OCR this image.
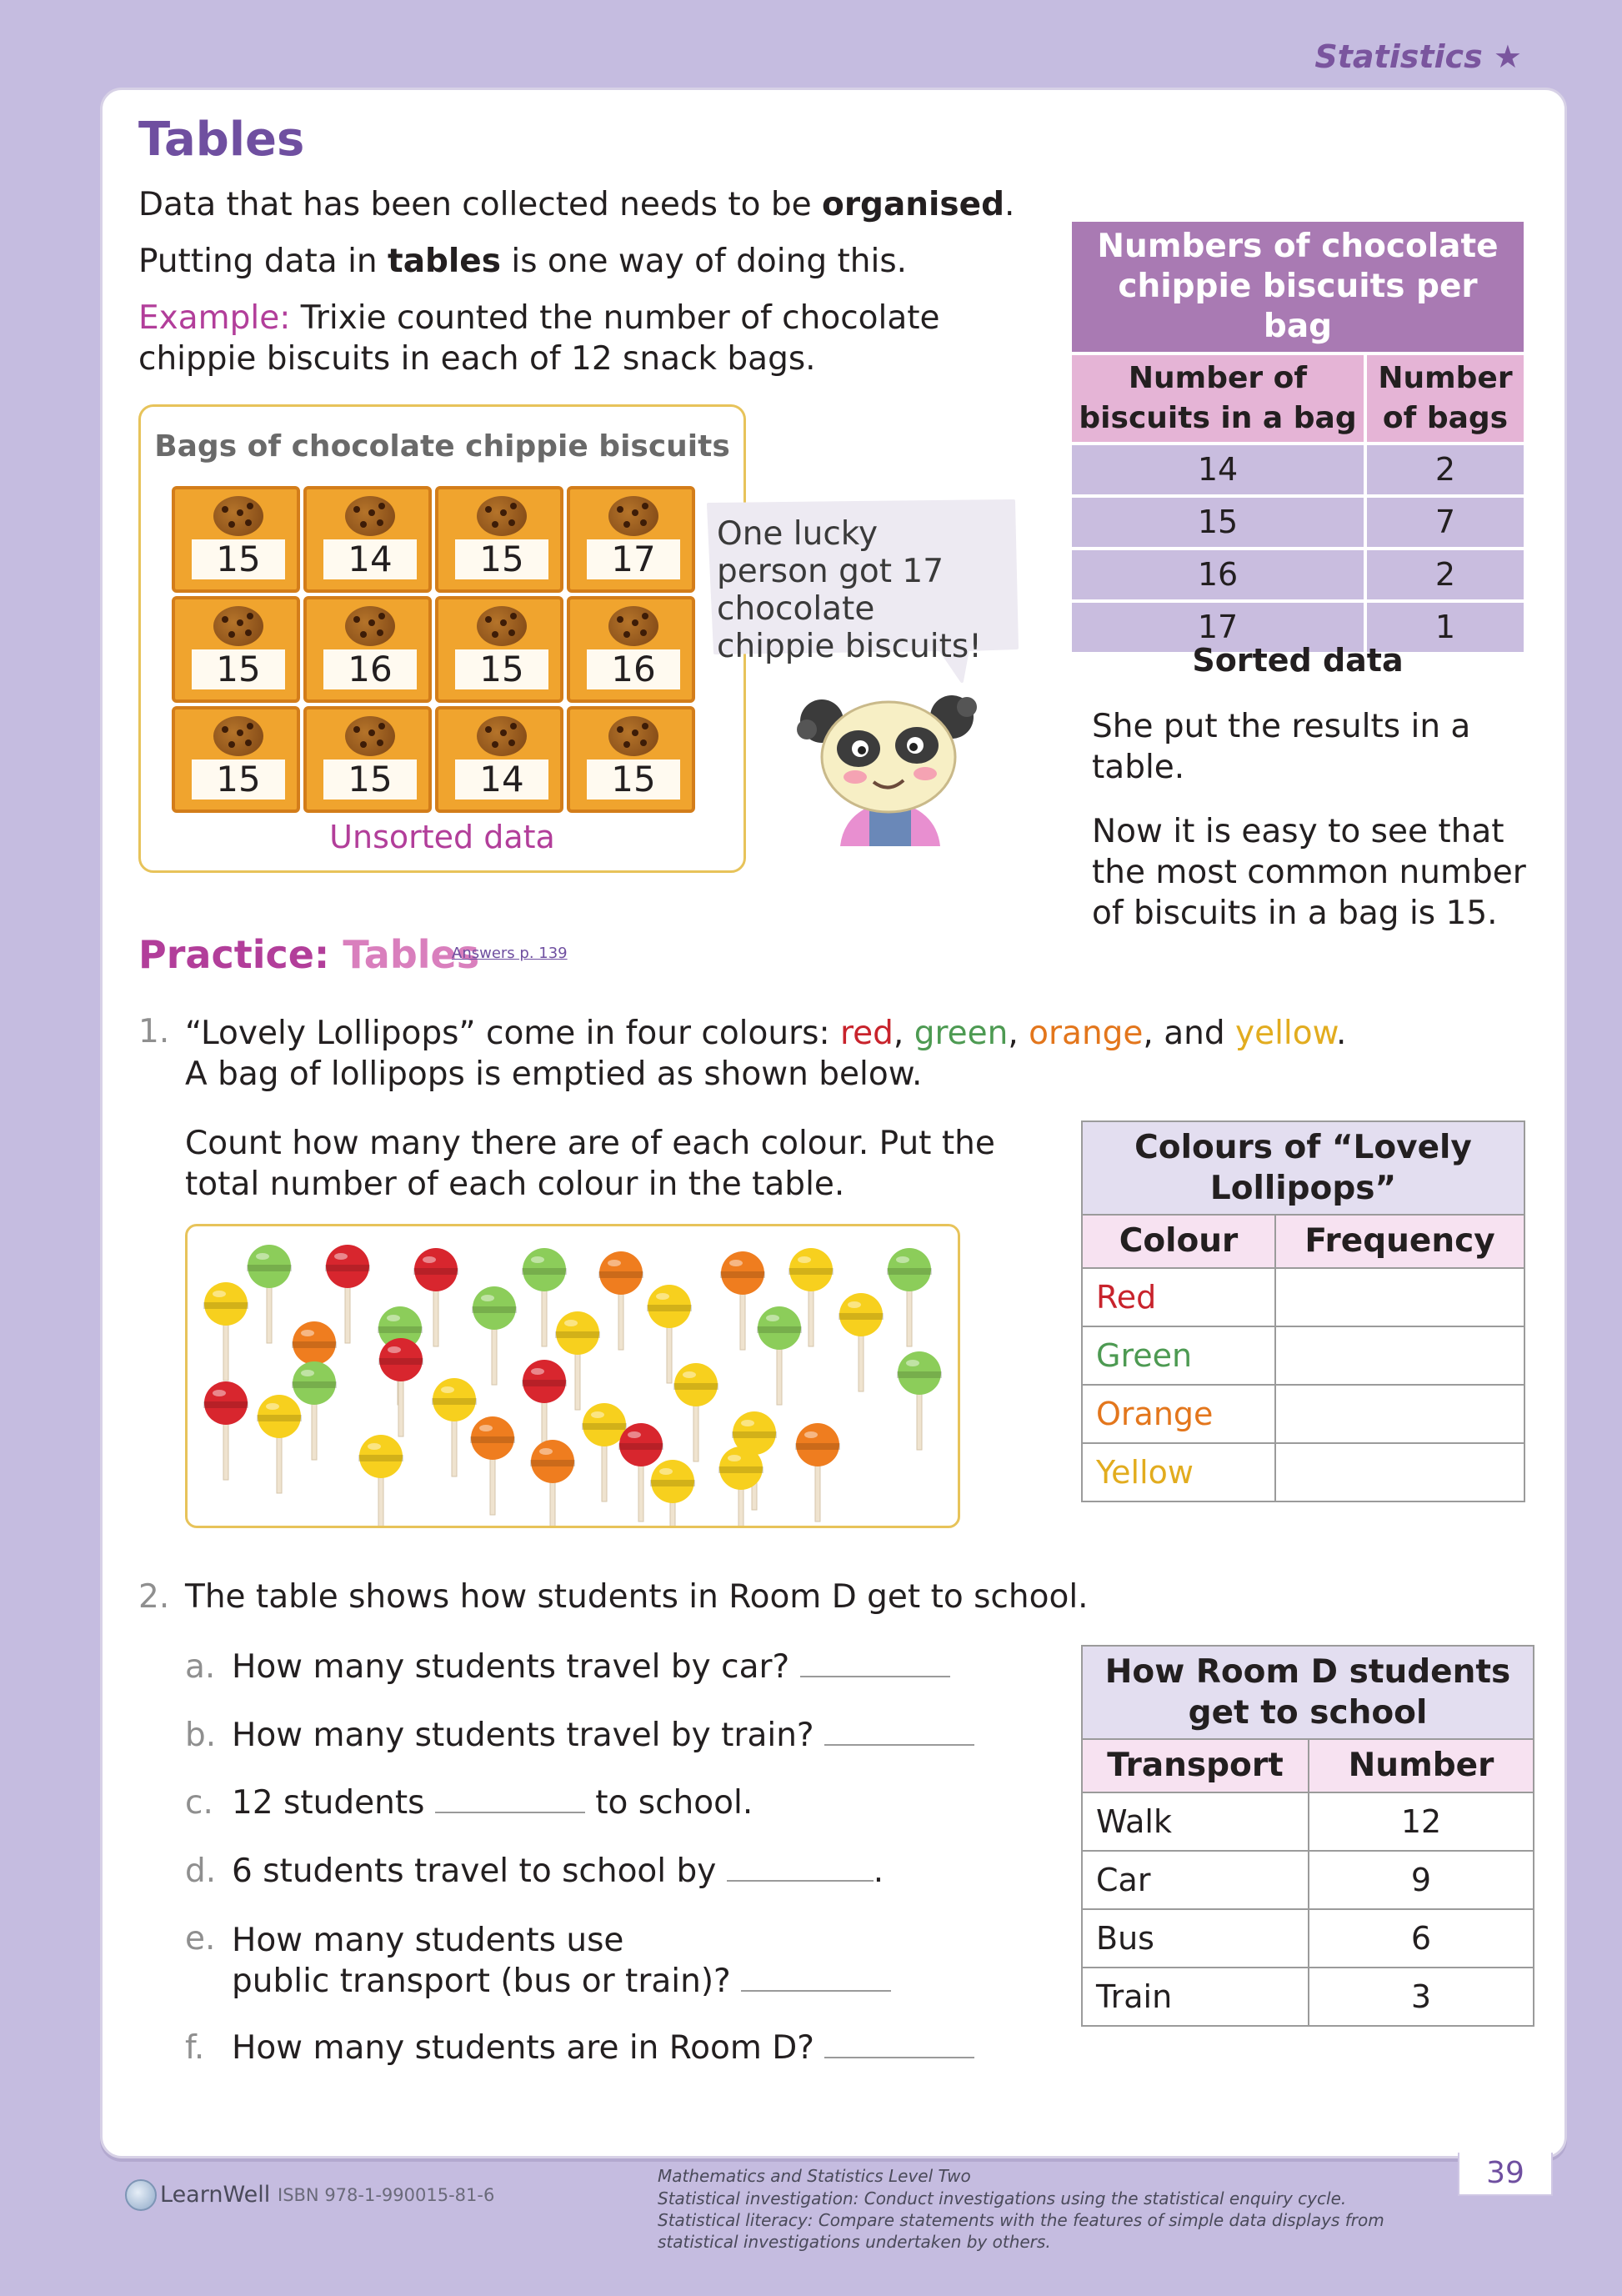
Statistics ★
Tables
Data that has been collected needs to be organised.
Putting data in tables is one way of doing this.
Example: Trixie counted the number of chocolate chippie biscuits in each of 12 snack bags.
Bags of chocolate chippie biscuits
15	14	15	17
15	16	15	16
15	15	14	15
Unsorted data
One lucky person got 17 chocolate chippie biscuits!
Numbers of chocolate chippie biscuits per bag	
Number of biscuits in a bag	Number of bags
14	2
15	7
16	2
17	1
Sorted data
She put the results in a table.
Now it is easy to see that the most common number of biscuits in a bag is 15.
Practice: Tables
Answers p. 139
1. “Lovely Lollipops” come in four colours: red, green, orange, and yellow.
A bag of lollipops is emptied as shown below.
Count how many there are of each colour. Put the total number of each colour in the table.
Colours of “Lovely Lollipops”	
Colour	Frequency
Red	
Green	
Orange	
Yellow	
2. The table shows how students in Room D get to school.
a. How many students travel by car?
b. How many students travel by train?
c. 12 students	to school.
d. 6 students travel to school by	.
e. How many students use
public transport (bus or train)?
f. How many students are in Room D?
How Room D students get to school	
Transport	Number
Walk	12
Car	9
Bus	6
Train	3
LearnWell ISBN 978-1-990015-81-6
Mathematics and Statistics Level Two
Statistical investigation: Conduct investigations using the statistical enquiry cycle. Statistical literacy: Compare statements with the features of simple data displays from statistical investigations undertaken by others.
39
